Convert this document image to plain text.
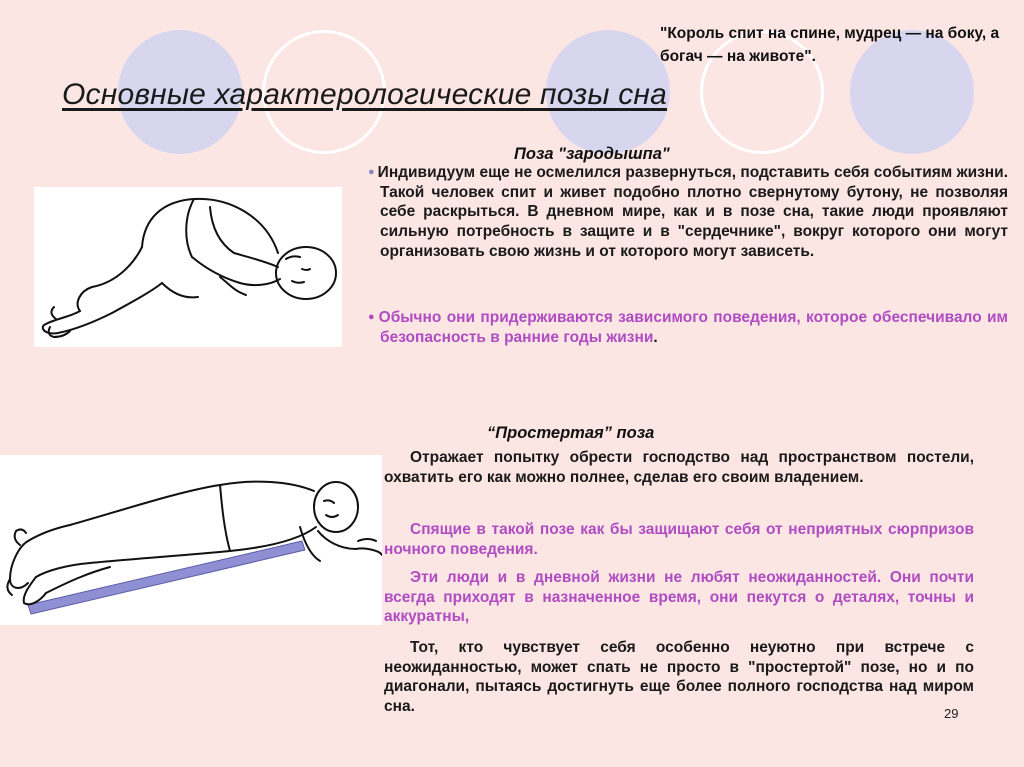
Основные характерологические позы сна
"Король спит на спине, мудрец — на боку, а богач — на животе".
Поза "зародышпа"

● Индивидуум еще не осмелился развернуться, подставить себя событиям жизни. Такой человек спит и живет подобно плотно свернутому бутону, не позволяя себе раскрыться. В дневном мире, как и в позе сна, такие люди проявляют сильную потребность в защите и в "сердечнике", вокруг которого они могут организовать свою жизнь и от которого могут зависеть.

● Обычно они придерживаются зависимого поведения, которое обеспечивало им безопасность в ранние годы жизни.

“Простертая” поза

Отражает попытку обрести господство над пространством постели, охватить его как можно полнее, сделав его своим владением.

Спящие в такой позе как бы защищают себя от неприятных сюрпризов ночного поведения.

Эти люди и в дневной жизни не любят неожиданностей. Они почти всегда приходят в назначенное время, они пекутся о деталях, точны и аккуратны,

Тот, кто чувствует себя особенно неуютно при встрече с неожиданностью, может спать не просто в "простертой" позе, но и по диагонали, пытаясь достигнуть еще более полного господства над миром сна.	29
